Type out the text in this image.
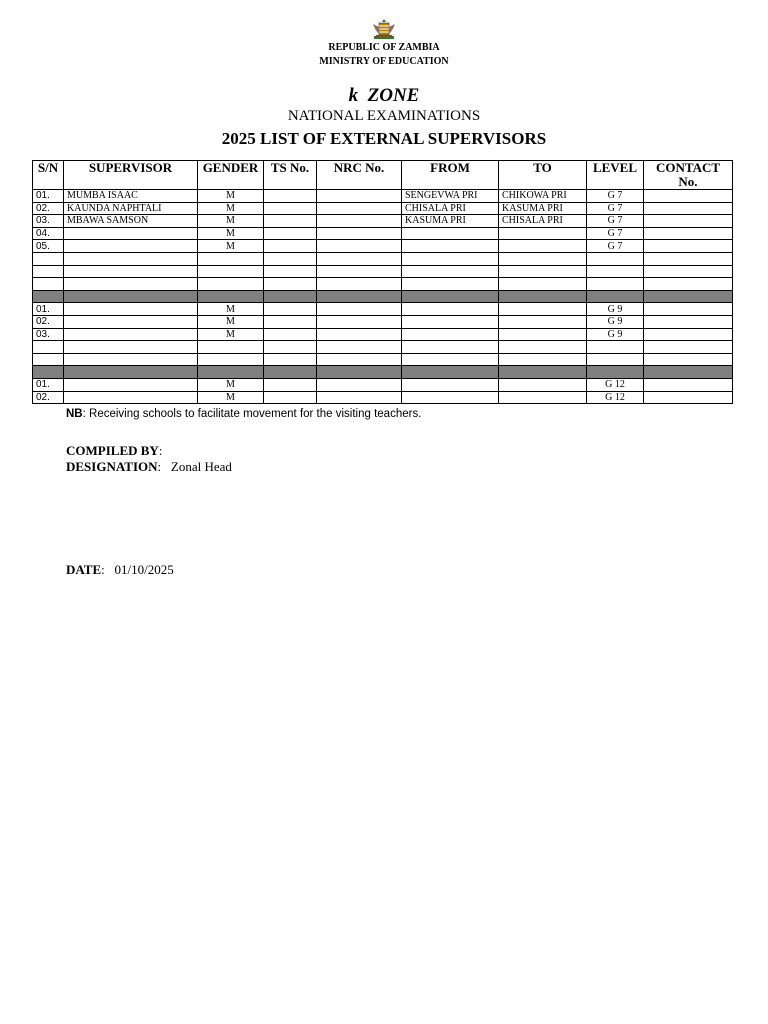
REPUBLIC OF ZAMBIA
MINISTRY OF EDUCATION
k  ZONE
NATIONAL EXAMINATIONS
2025 LIST OF EXTERNAL SUPERVISORS
S/N	SUPERVISOR	GENDER	TS No.	NRC No.	FROM	TO	LEVEL	CONTACT No.
01.	MUMBA ISAAC	M			SENGEVWA PRI	CHIKOWA PRI	G 7	
02.	KAUNDA NAPHTALI	M			CHISALA PRI	KASUMA PRI	G 7	
03.	MBAWA SAMSON	M			KASUMA PRI	CHISALA PRI	G 7	
04.		M					G 7	
05.		M					G 7	

01.		M					G 9	
02.		M					G 9	
03.		M					G 9	

01.		M					G 12	
02.		M					G 12	
NB: Receiving schools to facilitate movement for the visiting teachers.
COMPILED BY:
DESIGNATION:   Zonal Head
DATE:   01/10/2025
